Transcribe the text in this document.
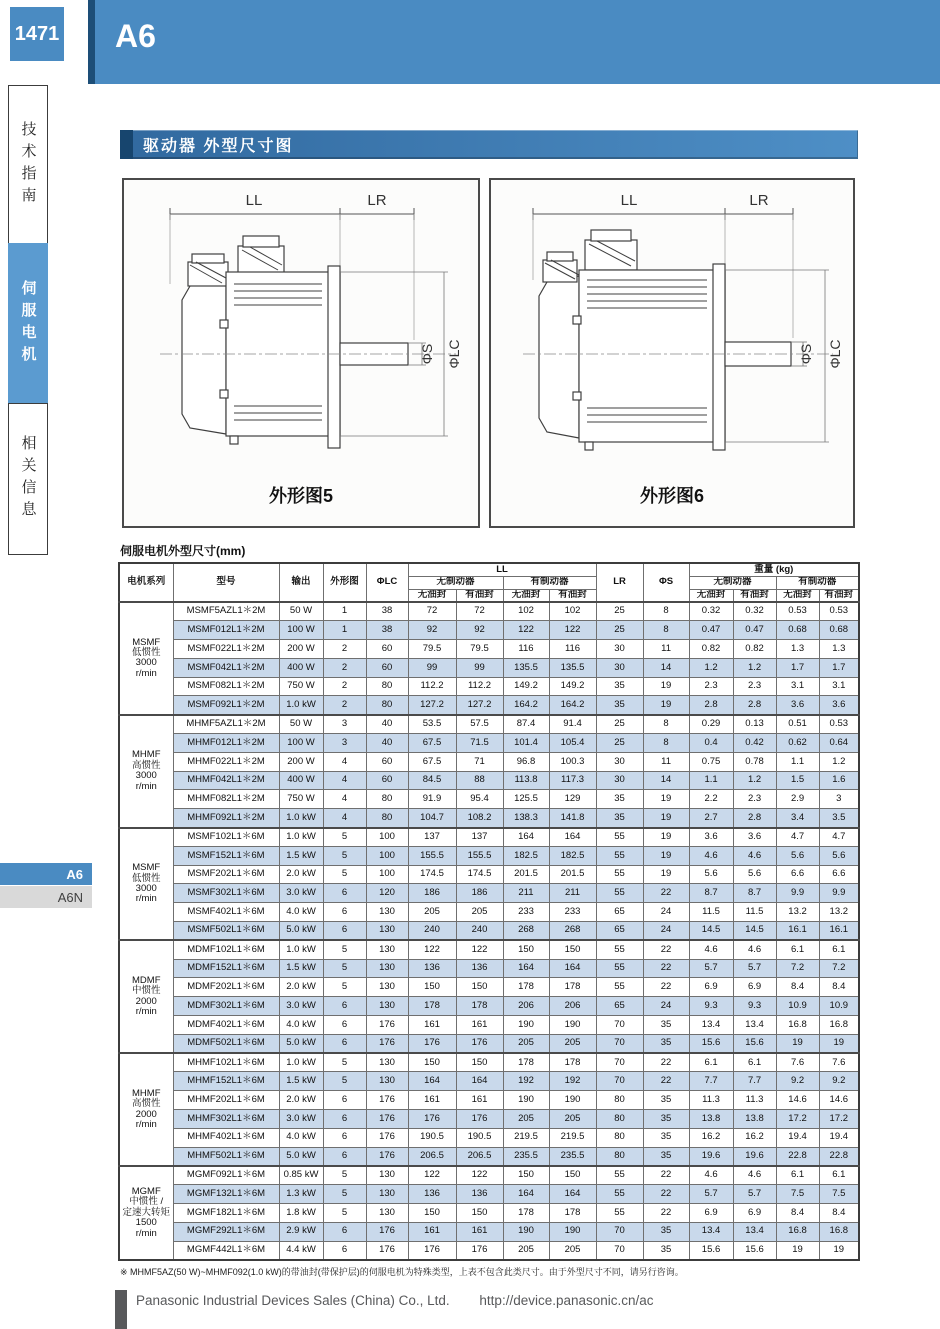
1471 A6
技术指南
伺服电机
相关信息
A6
A6N
驱动器 外型尺寸图
LL	LR
ΦS ΦLC
外形图5
LL	LR
ΦS ΦLC
外形图6
伺服电机外型尺寸(mm)
电机系列	型号	输出	外形图	ΦLC	LL				LR	ΦS	重量 (kg)			
					无制动器		有制动器				无制动器		有制动器	
					无油封	有油封	无油封	有油封			无油封	有油封	无油封	有油封
MSMF
低惯性
3000
r/min	MSMF5AZL1＊2M	50 W	1	38	72	72	102	102	25	8	0.32	0.32	0.53	0.53
	MSMF012L1＊2M	100 W	1	38	92	92	122	122	25	8	0.47	0.47	0.68	0.68
	MSMF022L1＊2M	200 W	2	60	79.5	79.5	116	116	30	11	0.82	0.82	1.3	1.3
	MSMF042L1＊2M	400 W	2	60	99	99	135.5	135.5	30	14	1.2	1.2	1.7	1.7
	MSMF082L1＊2M	750 W	2	80	112.2	112.2	149.2	149.2	35	19	2.3	2.3	3.1	3.1
	MSMF092L1＊2M	1.0 kW	2	80	127.2	127.2	164.2	164.2	35	19	2.8	2.8	3.6	3.6
MHMF
高惯性
3000
r/min	MHMF5AZL1＊2M	50 W	3	40	53.5	57.5	87.4	91.4	25	8	0.29	0.13	0.51	0.53
	MHMF012L1＊2M	100 W	3	40	67.5	71.5	101.4	105.4	25	8	0.4	0.42	0.62	0.64
	MHMF022L1＊2M	200 W	4	60	67.5	71	96.8	100.3	30	11	0.75	0.78	1.1	1.2
	MHMF042L1＊2M	400 W	4	60	84.5	88	113.8	117.3	30	14	1.1	1.2	1.5	1.6
	MHMF082L1＊2M	750 W	4	80	91.9	95.4	125.5	129	35	19	2.2	2.3	2.9	3
	MHMF092L1＊2M	1.0 kW	4	80	104.7	108.2	138.3	141.8	35	19	2.7	2.8	3.4	3.5
MSMF
低惯性
3000
r/min	MSMF102L1＊6M	1.0 kW	5	100	137	137	164	164	55	19	3.6	3.6	4.7	4.7
	MSMF152L1＊6M	1.5 kW	5	100	155.5	155.5	182.5	182.5	55	19	4.6	4.6	5.6	5.6
	MSMF202L1＊6M	2.0 kW	5	100	174.5	174.5	201.5	201.5	55	19	5.6	5.6	6.6	6.6
	MSMF302L1＊6M	3.0 kW	6	120	186	186	211	211	55	22	8.7	8.7	9.9	9.9
	MSMF402L1＊6M	4.0 kW	6	130	205	205	233	233	65	24	11.5	11.5	13.2	13.2
	MSMF502L1＊6M	5.0 kW	6	130	240	240	268	268	65	24	14.5	14.5	16.1	16.1
MDMF
中惯性
2000
r/min	MDMF102L1＊6M	1.0 kW	5	130	122	122	150	150	55	22	4.6	4.6	6.1	6.1
	MDMF152L1＊6M	1.5 kW	5	130	136	136	164	164	55	22	5.7	5.7	7.2	7.2
	MDMF202L1＊6M	2.0 kW	5	130	150	150	178	178	55	22	6.9	6.9	8.4	8.4
	MDMF302L1＊6M	3.0 kW	6	130	178	178	206	206	65	24	9.3	9.3	10.9	10.9
	MDMF402L1＊6M	4.0 kW	6	176	161	161	190	190	70	35	13.4	13.4	16.8	16.8
	MDMF502L1＊6M	5.0 kW	6	176	176	176	205	205	70	35	15.6	15.6	19	19
MHMF
高惯性
2000
r/min	MHMF102L1＊6M	1.0 kW	5	130	150	150	178	178	70	22	6.1	6.1	7.6	7.6
	MHMF152L1＊6M	1.5 kW	5	130	164	164	192	192	70	22	7.7	7.7	9.2	9.2
	MHMF202L1＊6M	2.0 kW	6	176	161	161	190	190	80	35	11.3	11.3	14.6	14.6
	MHMF302L1＊6M	3.0 kW	6	176	176	176	205	205	80	35	13.8	13.8	17.2	17.2
	MHMF402L1＊6M	4.0 kW	6	176	190.5	190.5	219.5	219.5	80	35	16.2	16.2	19.4	19.4
	MHMF502L1＊6M	5.0 kW	6	176	206.5	206.5	235.5	235.5	80	35	19.6	19.6	22.8	22.8
MGMF
中惯性 /
定速大转矩
1500
r/min	MGMF092L1＊6M	0.85 kW	5	130	122	122	150	150	55	22	4.6	4.6	6.1	6.1
	MGMF132L1＊6M	1.3 kW	5	130	136	136	164	164	55	22	5.7	5.7	7.5	7.5
	MGMF182L1＊6M	1.8 kW	5	130	150	150	178	178	55	22	6.9	6.9	8.4	8.4
	MGMF292L1＊6M	2.9 kW	6	176	161	161	190	190	70	35	13.4	13.4	16.8	16.8
	MGMF442L1＊6M	4.4 kW	6	176	176	176	205	205	70	35	15.6	15.6	19	19
※ MHMF5AZ(50 W)~MHMF092(1.0 kW)的带油封(带保护层)的伺服电机为特殊类型，上表不包含此类尺寸。由于外型尺寸不同，请另行咨询。
Panasonic Industrial Devices Sales (China) Co., Ltd. http://device.panasonic.cn/ac
